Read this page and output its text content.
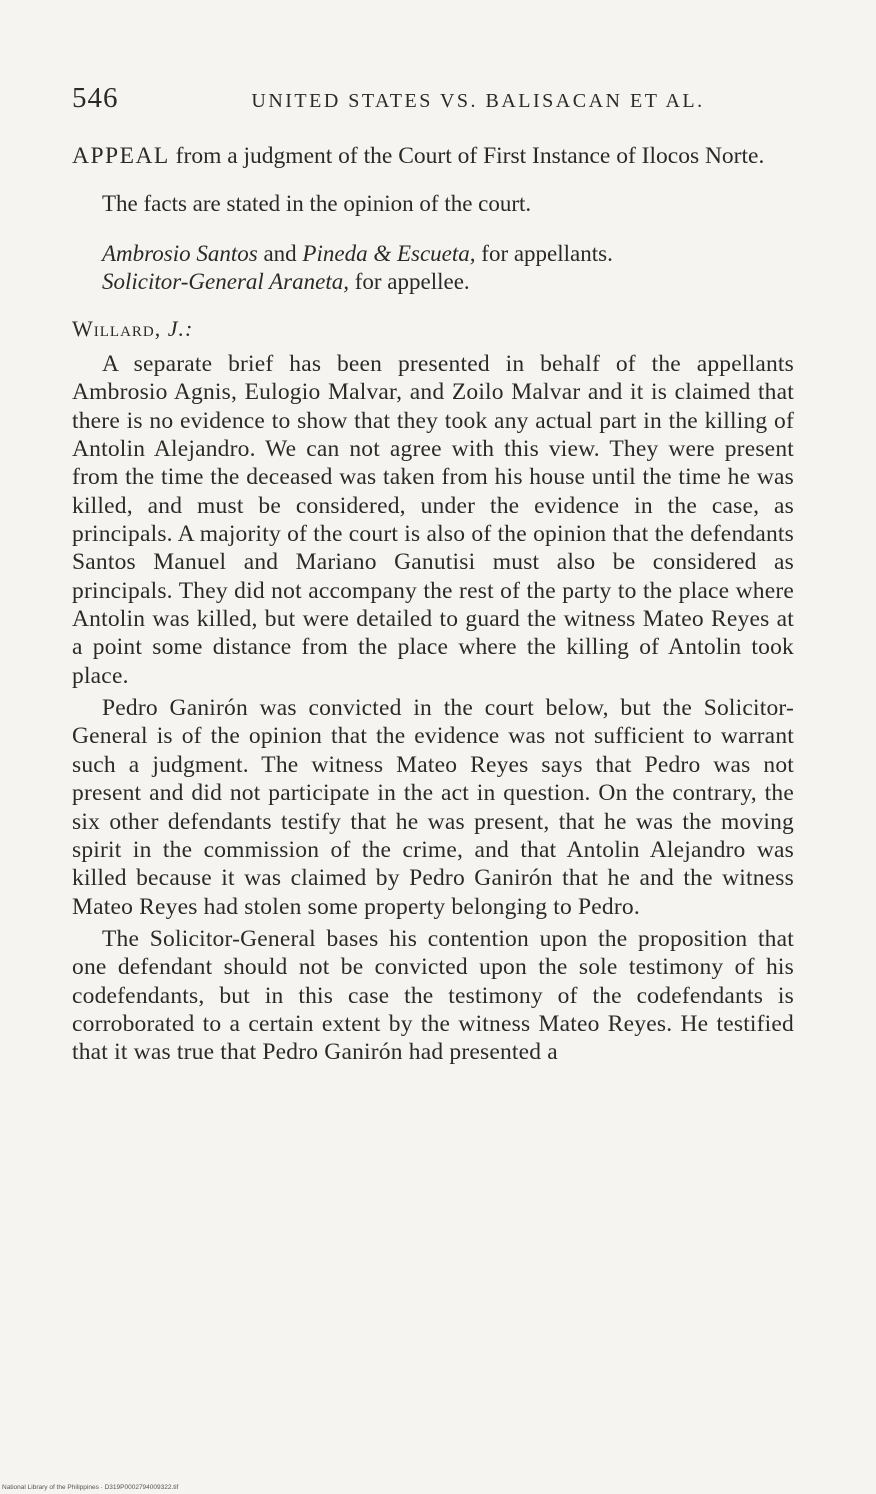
546	UNITED STATES VS. BALISACAN ET AL.

APPEAL from a judgment of the Court of First Instance of Ilocos Norte.

The facts are stated in the opinion of the court.

Ambrosio Santos and Pineda & Escueta, for appellants.
Solicitor-General Araneta, for appellee.

Willard, J.:

A separate brief has been presented in behalf of the appellants Ambrosio Agnis, Eulogio Malvar, and Zoilo Malvar and it is claimed that there is no evidence to show that they took any actual part in the killing of Antolin Alejandro. We can not agree with this view. They were present from the time the deceased was taken from his house until the time he was killed, and must be considered, under the evidence in the case, as principals. A majority of the court is also of the opinion that the defendants Santos Manuel and Mariano Ganutisi must also be considered as principals. They did not accompany the rest of the party to the place where Antolin was killed, but were detailed to guard the witness Mateo Reyes at a point some distance from the place where the killing of Antolin took place.

Pedro Ganirón was convicted in the court below, but the Solicitor-General is of the opinion that the evidence was not sufficient to warrant such a judgment. The witness Mateo Reyes says that Pedro was not present and did not participate in the act in question. On the contrary, the six other defendants testify that he was present, that he was the moving spirit in the commission of the crime, and that Antolin Alejandro was killed because it was claimed by Pedro Ganirón that he and the witness Mateo Reyes had stolen some property belonging to Pedro.

The Solicitor-General bases his contention upon the proposition that one defendant should not be convicted upon the sole testimony of his codefendants, but in this case the testimony of the codefendants is corroborated to a certain extent by the witness Mateo Reyes. He testified that it was true that Pedro Ganirón had presented a

National Library of the Philippines · D319P0002794009322.tif
